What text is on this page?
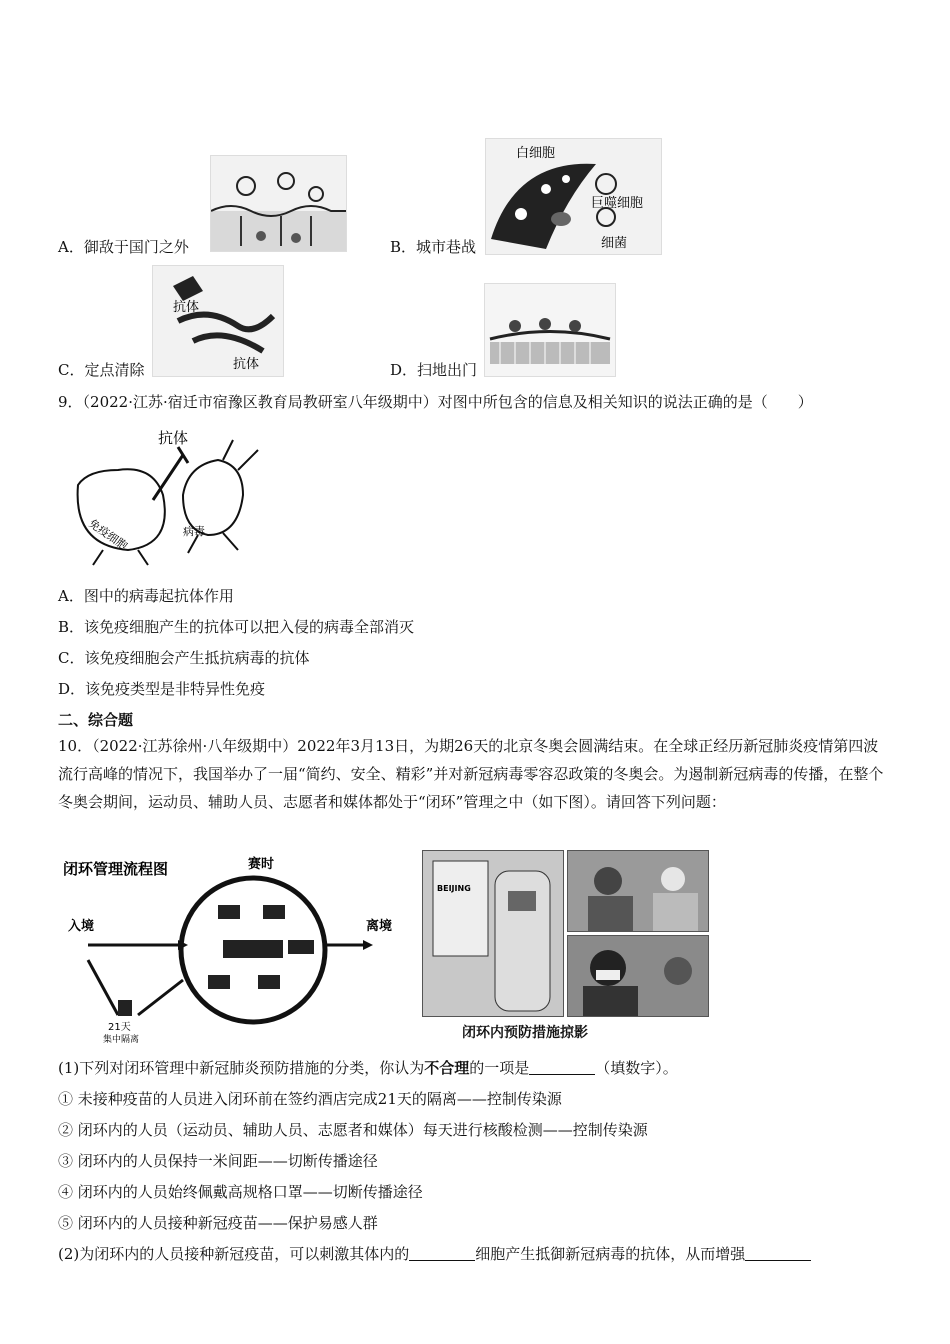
A．御敌于国门之外
白细胞
巨噬细胞
细菌
B．城市巷战
抗体
抗体
C．定点清除	D．扫地出门
9．（2022·江苏·宿迁市宿豫区教育局教研室八年级期中）对图中所包含的信息及相关知识的说法正确的是（　　）
抗体
免疫细胞	病毒
A．图中的病毒起抗体作用
B．该免疫细胞产生的抗体可以把入侵的病毒全部消灭
C．该免疫细胞会产生抵抗病毒的抗体
D．该免疫类型是非特异性免疫
二、综合题
10．（2022·江苏徐州·八年级期中）2022年3月13日，为期26天的北京冬奥会圆满结束。在全球正经历新冠肺炎疫情第四波流行高峰的情况下，我国举办了一届“简约、安全、精彩”并对新冠病毒零容忍政策的冬奥会。为遏制新冠病毒的传播，在整个冬奥会期间，运动员、辅助人员、志愿者和媒体都处于“闭环”管理之中（如下图）。请回答下列问题：
闭环管理流程图	赛时
入境	离境
21天
集中隔离
BEIJING
闭环内预防措施掠影
(1)下列对闭环管理中新冠肺炎预防措施的分类，你认为不合理的一项是	（填数字）。
① 未接种疫苗的人员进入闭环前在签约酒店完成21天的隔离——控制传染源
② 闭环内的人员（运动员、辅助人员、志愿者和媒体）每天进行核酸检测——控制传染源
③ 闭环内的人员保持一米间距——切断传播途径
④ 闭环内的人员始终佩戴高规格口罩——切断传播途径
⑤ 闭环内的人员接种新冠疫苗——保护易感人群
(2)为闭环内的人员接种新冠疫苗，可以刺激其体内的	细胞产生抵御新冠病毒的抗体，从而增强
